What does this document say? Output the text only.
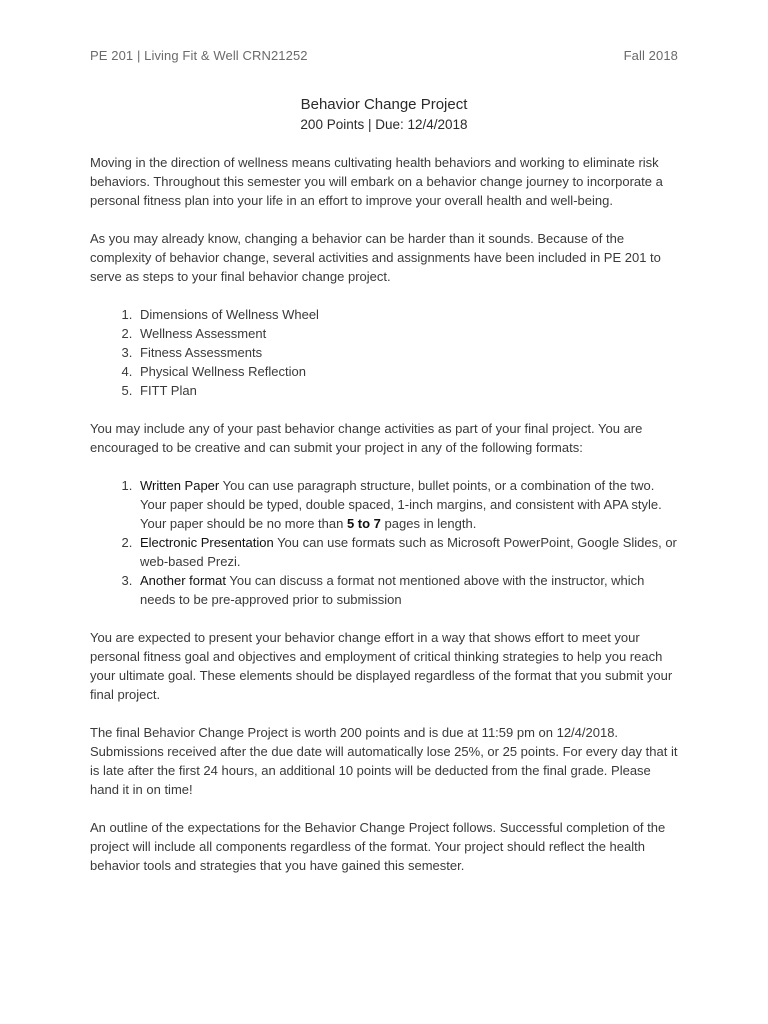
PE 201 | Living Fit & Well CRN21252	Fall 2018
Behavior Change Project
200 Points | Due: 12/4/2018

Moving in the direction of wellness means cultivating health behaviors and working to eliminate risk behaviors. Throughout this semester you will embark on a behavior change journey to incorporate a personal fitness plan into your life in an effort to improve your overall health and well-being.

As you may already know, changing a behavior can be harder than it sounds. Because of the complexity of behavior change, several activities and assignments have been included in PE 201 to serve as steps to your final behavior change project.

1. Dimensions of Wellness Wheel
2. Wellness Assessment
3. Fitness Assessments
4. Physical Wellness Reflection
5. FITT Plan

You may include any of your past behavior change activities as part of your final project. You are encouraged to be creative and can submit your project in any of the following formats:

1. Written Paper You can use paragraph structure, bullet points, or a combination of the two. Your paper should be typed, double spaced, 1-inch margins, and consistent with APA style. Your paper should be no more than 5 to 7 pages in length.
2. Electronic Presentation You can use formats such as Microsoft PowerPoint, Google Slides, or web-based Prezi.
3. Another format You can discuss a format not mentioned above with the instructor, which needs to be pre-approved prior to submission

You are expected to present your behavior change effort in a way that shows effort to meet your personal fitness goal and objectives and employment of critical thinking strategies to help you reach your ultimate goal. These elements should be displayed regardless of the format that you submit your final project.

The final Behavior Change Project is worth 200 points and is due at 11:59 pm on 12/4/2018. Submissions received after the due date will automatically lose 25%, or 25 points. For every day that it is late after the first 24 hours, an additional 10 points will be deducted from the final grade. Please hand it in on time!

An outline of the expectations for the Behavior Change Project follows. Successful completion of the project will include all components regardless of the format. Your project should reflect the health behavior tools and strategies that you have gained this semester.
